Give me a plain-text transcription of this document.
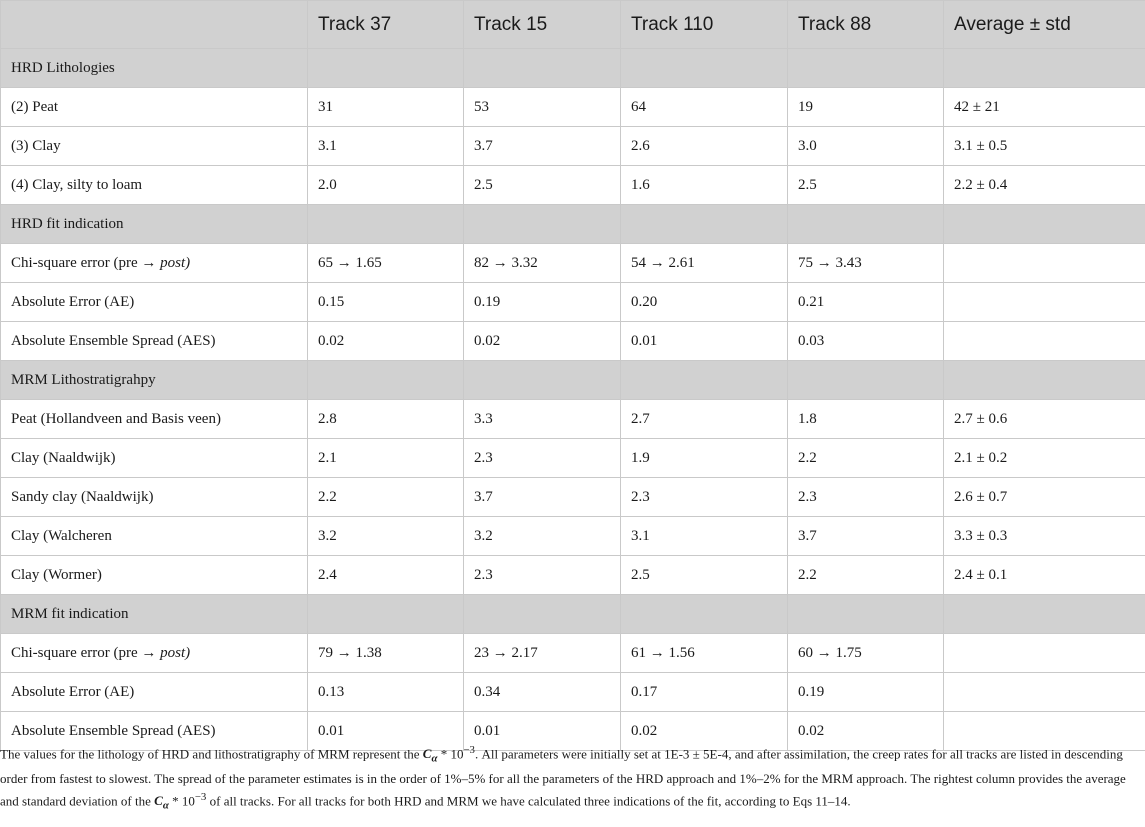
	Track 37	Track 15	Track 110	Track 88	Average ± std
HRD Lithologies					
(2) Peat	31	53	64	19	42 ± 21
(3) Clay	3.1	3.7	2.6	3.0	3.1 ± 0.5
(4) Clay, silty to loam	2.0	2.5	1.6	2.5	2.2 ± 0.4
HRD fit indication					
Chi-square error (pre → post)	65 → 1.65	82 → 3.32	54 → 2.61	75 → 3.43	
Absolute Error (AE)	0.15	0.19	0.20	0.21	
Absolute Ensemble Spread (AES)	0.02	0.02	0.01	0.03	
MRM Lithostratigrahpy					
Peat (Hollandveen and Basis veen)	2.8	3.3	2.7	1.8	2.7 ± 0.6
Clay (Naaldwijk)	2.1	2.3	1.9	2.2	2.1 ± 0.2
Sandy clay (Naaldwijk)	2.2	3.7	2.3	2.3	2.6 ± 0.7
Clay (Walcheren	3.2	3.2	3.1	3.7	3.3 ± 0.3
Clay (Wormer)	2.4	2.3	2.5	2.2	2.4 ± 0.1
MRM fit indication					
Chi-square error (pre → post)	79 → 1.38	23 → 2.17	61 → 1.56	60 → 1.75	
Absolute Error (AE)	0.13	0.34	0.17	0.19	
Absolute Ensemble Spread (AES)	0.01	0.01	0.02	0.02	

The values for the lithology of HRD and lithostratigraphy of MRM represent the $C_\alpha * 10^{-3}$. All parameters were initially set at 1E-3 ± 5E-4, and after assimilation, the creep rates for all tracks are listed in descending order from fastest to slowest. The spread of the parameter estimates is in the order of 1%–5% for all the parameters of the HRD approach and 1%–2% for the MRM approach. The rightest column provides the average and standard deviation of the $C_\alpha * 10^{-3}$ of all tracks. For all tracks for both HRD and MRM we have calculated three indications of the fit, according to Eqs 11–14.
